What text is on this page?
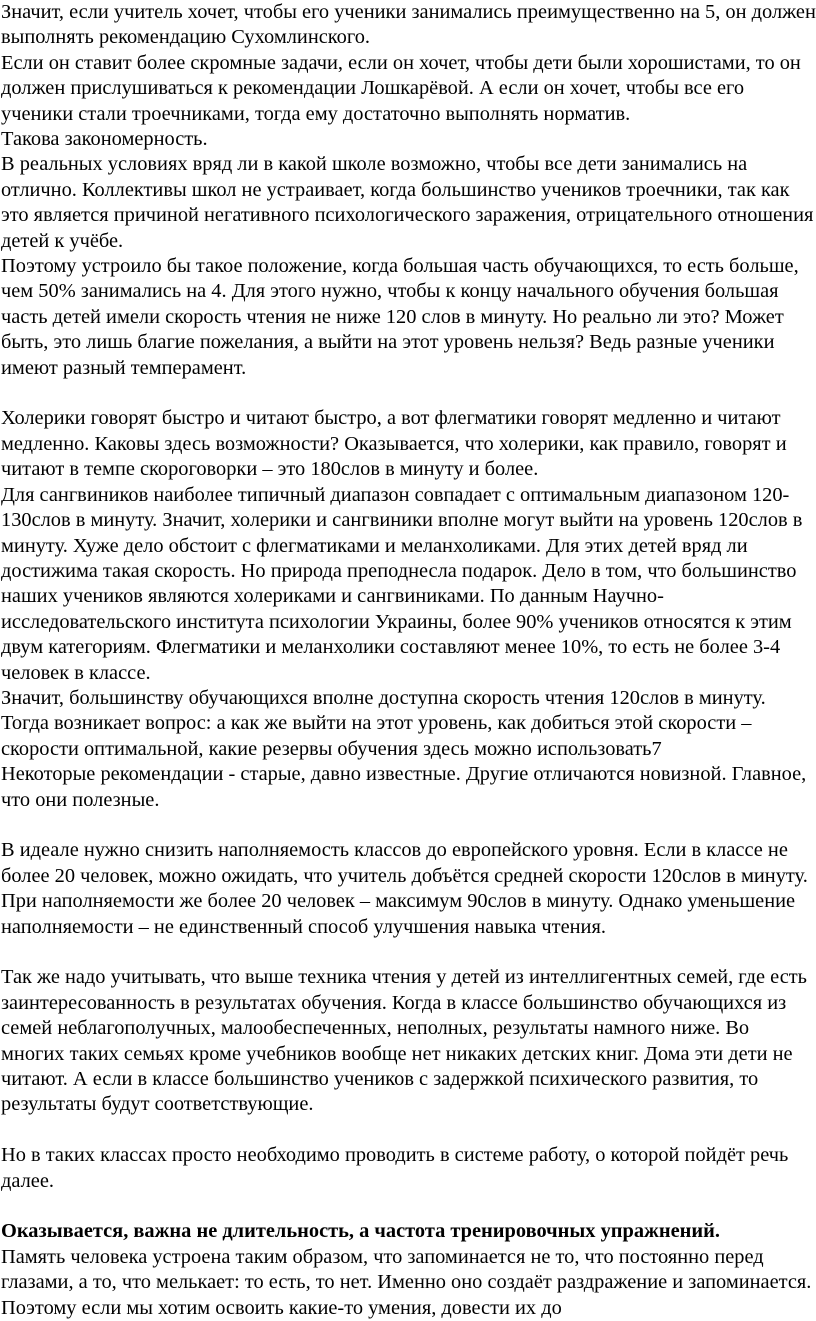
Значит, если учитель хочет, чтобы его ученики занимались преимущественно на 5, он должен выполнять рекомендацию Сухомлинского.

Если он ставит более скромные задачи, если он хочет, чтобы дети были хорошистами, то он должен прислушиваться к рекомендации Лошкарёвой. А если он хочет, чтобы все его ученики стали троечниками, тогда ему достаточно выполнять норматив.

Такова закономерность.

В реальных условиях вряд ли в какой школе возможно, чтобы все дети занимались на отлично. Коллективы школ не устраивает, когда большинство учеников троечники, так как это является причиной негативного психологического заражения, отрицательного отношения детей к учёбе.

Поэтому устроило бы такое положение, когда большая часть обучающихся, то есть больше, чем 50% занимались на 4. Для этого нужно, чтобы к концу начального обучения большая часть детей имели скорость чтения не ниже 120 слов в минуту. Но реально ли это? Может быть, это лишь благие пожелания, а выйти на этот уровень нельзя? Ведь разные ученики имеют разный темперамент.

Холерики говорят быстро и читают быстро, а вот флегматики говорят медленно и читают медленно. Каковы здесь возможности? Оказывается, что холерики, как правило, говорят и читают в темпе скороговорки – это 180слов в минуту и более.

Для сангвиников наиболее типичный диапазон совпадает с оптимальным диапазоном 120-130слов в минуту. Значит, холерики и сангвиники вполне могут выйти на уровень 120слов в минуту. Хуже дело обстоит с флегматиками и меланхоликами. Для этих детей вряд ли достижима такая скорость. Но природа преподнесла подарок. Дело в том, что большинство наших учеников являются холериками и сангвиниками. По данным Научно-исследовательского института психологии Украины, более 90% учеников относятся к этим двум категориям. Флегматики и меланхолики составляют менее 10%, то есть не более 3-4 человек в классе.

Значит, большинству обучающихся вполне доступна скорость чтения 120слов в минуту. Тогда возникает вопрос: а как же выйти на этот уровень, как добиться этой скорости – скорости оптимальной, какие резервы обучения здесь можно использовать7

Некоторые рекомендации - старые, давно известные. Другие отличаются новизной. Главное, что они полезные.

В идеале нужно снизить наполняемость классов до европейского уровня. Если в классе не более 20 человек, можно ожидать, что учитель добъётся средней скорости 120слов в минуту. При наполняемости же более 20 человек – максимум 90слов в минуту. Однако уменьшение наполняемости – не единственный способ улучшения навыка чтения.

Так же надо учитывать, что выше техника чтения у детей из интеллигентных семей, где есть заинтересованность в результатах обучения. Когда в классе большинство обучающихся из семей неблагополучных, малообеспеченных, неполных, результаты намного ниже. Во многих таких семьях кроме учебников вообще нет никаких детских книг. Дома эти дети не читают. А если в классе большинство учеников с задержкой психического развития, то результаты будут соответствующие.

Но в таких классах просто необходимо проводить в системе работу, о которой пойдёт речь далее.

Оказывается, важна не длительность, а частота тренировочных упражнений.

Память человека устроена таким образом, что запоминается не то, что постоянно перед глазами, а то, что мелькает: то есть, то нет. Именно оно создаёт раздражение и запоминается. Поэтому если мы хотим освоить какие-то умения, довести их до
